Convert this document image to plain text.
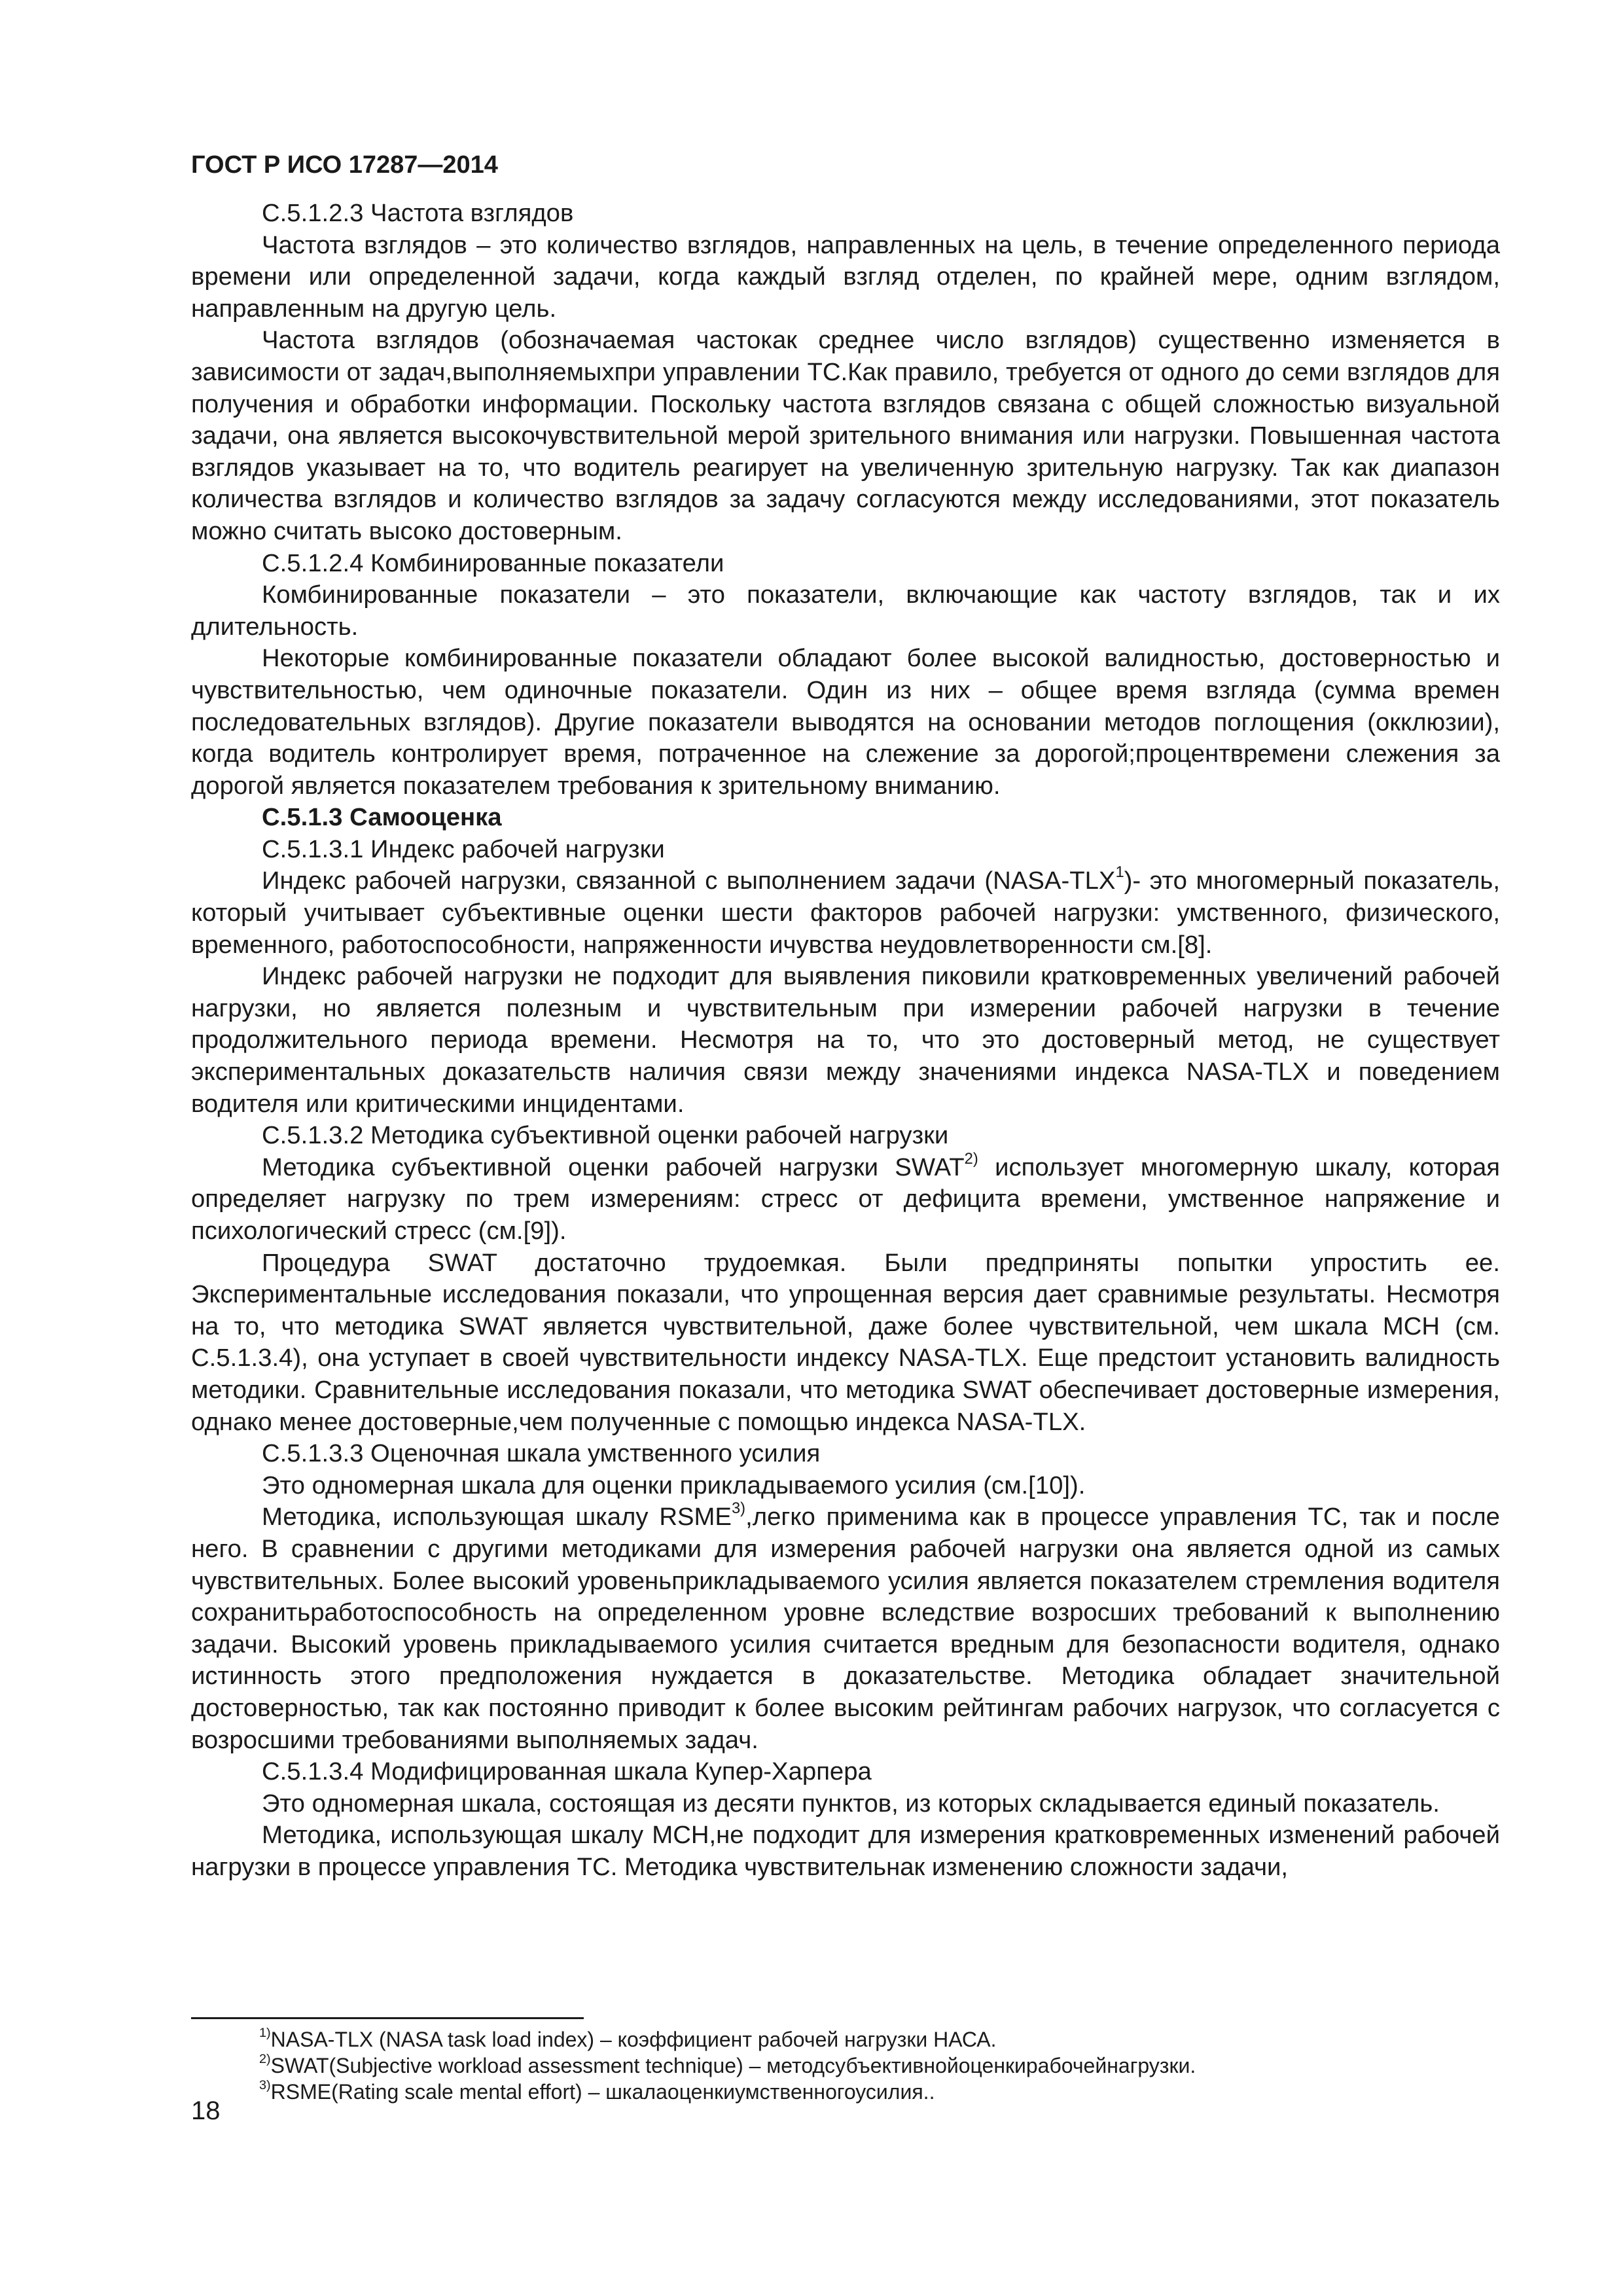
ГОСТ Р ИСО 17287—2014

С.5.1.2.3 Частота взглядов

Частота взглядов – это количество взглядов, направленных на цель, в течение определенного периода времени или определенной задачи, когда каждый взгляд отделен, по крайней мере, одним взглядом, направленным на другую цель.

Частота взглядов (обозначаемая частокак среднее число взглядов) существенно изменяется в зависимости от задач,выполняемыхпри управлении ТС.Как правило, требуется от одного до семи взглядов для получения и обработки информации. Поскольку частота взглядов связана с общей сложностью визуальной задачи, она является высокочувствительной мерой зрительного внимания или нагрузки. Повышенная частота взглядов указывает на то, что водитель реагирует на увеличенную зрительную нагрузку. Так как диапазон количества взглядов и количество взглядов за задачу согласуются между исследованиями, этот показатель можно считать высоко достоверным.

С.5.1.2.4 Комбинированные показатели

Комбинированные показатели – это показатели, включающие как частоту взглядов, так и их длительность.

Некоторые комбинированные показатели обладают более высокой валидностью, достоверностью и чувствительностью, чем одиночные показатели. Один из них – общее время взгляда (сумма времен последовательных взглядов). Другие показатели выводятся на основании методов поглощения (окклюзии), когда водитель контролирует время, потраченное на слежение за дорогой;процентвремени слежения за дорогой является показателем требования к зрительному вниманию.

С.5.1.3 Самооценка

С.5.1.3.1 Индекс рабочей нагрузки

Индекс рабочей нагрузки, связанной с выполнением задачи (NASA-TLX$^1$)- это многомерный показатель, который учитывает субъективные оценки шести факторов рабочей нагрузки: умственного, физического, временного, работоспособности, напряженности ичувства неудовлетворенности см.[8].

Индекс рабочей нагрузки не подходит для выявления пиковили кратковременных увеличений рабочей нагрузки, но является полезным и чувствительным при измерении рабочей нагрузки в течение продолжительного периода времени. Несмотря на то, что это достоверный метод, не существует экспериментальных доказательств наличия связи между значениями индекса NASA-TLX и поведением водителя или критическими инцидентами.

С.5.1.3.2 Методика субъективной оценки рабочей нагрузки

Методика субъективной оценки рабочей нагрузки SWAT$^{2)}$ использует многомерную шкалу, которая определяет нагрузку по трем измерениям: стресс от дефицита времени, умственное напряжение и психологический стресс (см.[9]).

Процедура SWAT достаточно трудоемкая. Были предприняты попытки упростить ее. Экспериментальные исследования показали, что упрощенная версия дает сравнимые результаты. Несмотря на то, что методика SWAT является чувствительной, даже более чувствительной, чем шкала МСН (см. С.5.1.3.4), она уступает в своей чувствительности индексу NASA-TLX. Еще предстоит установить валидность методики. Сравнительные исследования показали, что методика SWAT обеспечивает достоверные измерения, однако менее достоверные,чем полученные с помощью индекса NASA-TLX.

С.5.1.3.3 Оценочная шкала умственного усилия

Это одномерная шкала для оценки прикладываемого усилия (см.[10]).

Методика, использующая шкалу RSME$^{3)}$,легко применима как в процессе управления ТС, так и после него. В сравнении с другими методиками для измерения рабочей нагрузки она является одной из самых чувствительных. Более высокий уровеньприкладываемого усилия является показателем стремления водителя сохранитьработоспособность на определенном уровне вследствие возросших требований к выполнению задачи. Высокий уровень прикладываемого усилия считается вредным для безопасности водителя, однако истинность этого предположения нуждается в доказательстве. Методика обладает значительной достоверностью, так как постоянно приводит к более высоким рейтингам рабочих нагрузок, что согласуется с возросшими требованиями выполняемых задач.

С.5.1.3.4 Модифицированная шкала Купер-Харпера

Это одномерная шкала, состоящая из десяти пунктов, из которых складывается единый показатель.

Методика, использующая шкалу МСН,не подходит для измерения кратковременных изменений рабочей нагрузки в процессе управления ТС. Методика чувствительнак изменению сложности задачи,

$^{1)}$NASA-TLX (NASA task load index) – коэффициент рабочей нагрузки НАСА.
$^{2)}$SWAT(Subjective workload assessment technique) – методсубъективнойоценкирабочейнагрузки.
$^{3)}$RSME(Rating scale mental effort) – шкалаоценкиумственногоусилия..
18
